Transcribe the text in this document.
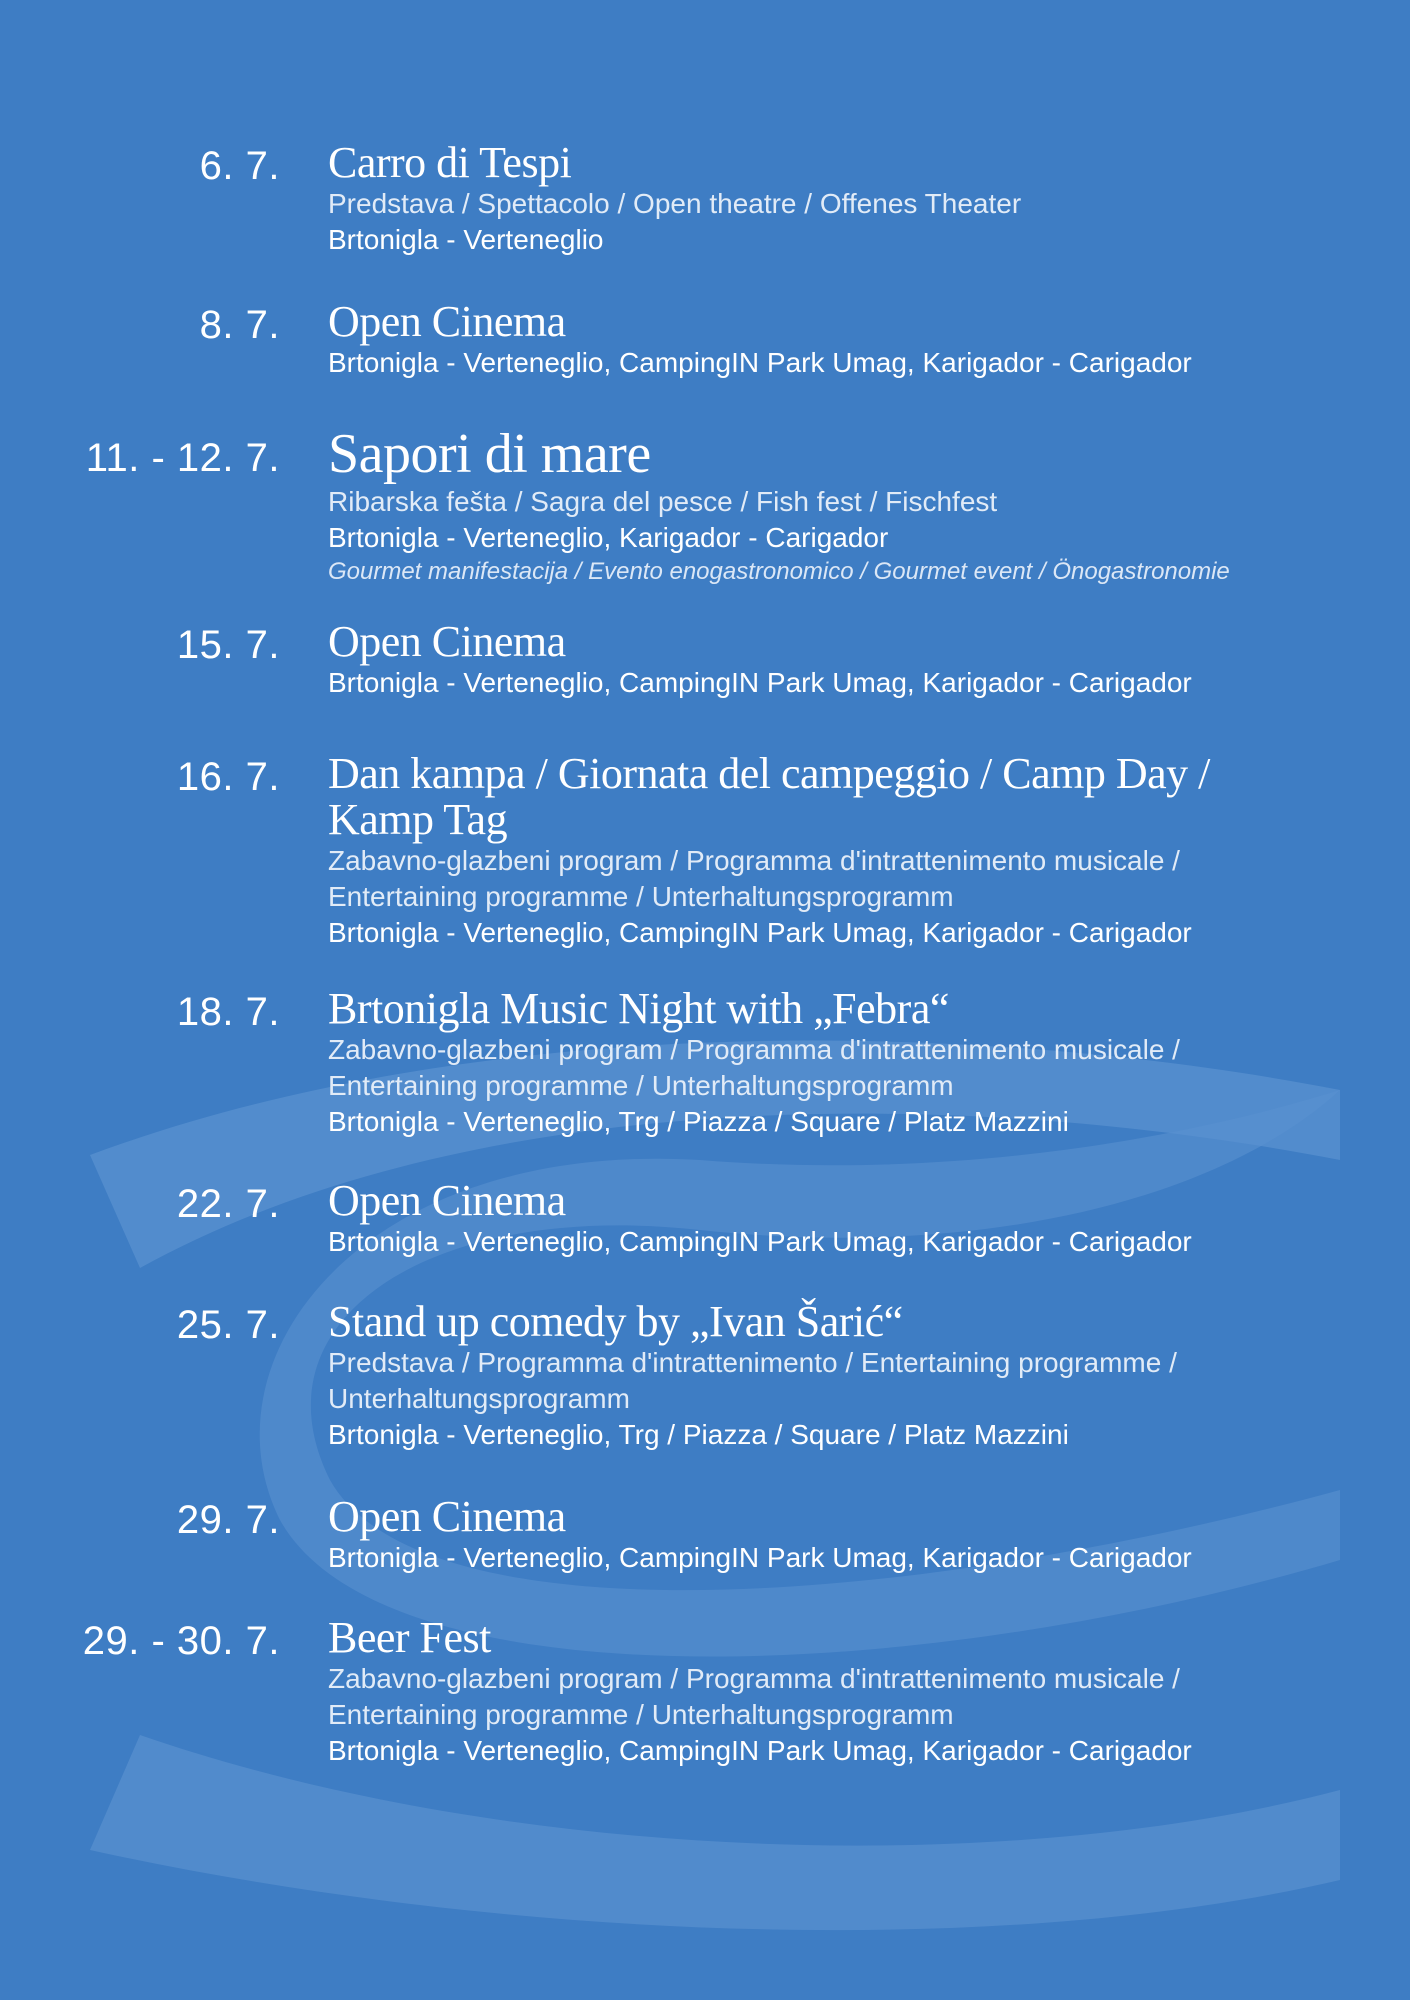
6. 7. Carro di Tespi

Predstava / Spettacolo / Open theatre / Offenes Theater

Brtonigla - Verteneglio

8. 7. Open Cinema

Brtonigla - Verteneglio, CampingIN Park Umag, Karigador - Carigador

11. - 12. 7. Sapori di mare

Ribarska fešta / Sagra del pesce / Fish fest / Fischfest

Brtonigla - Verteneglio, Karigador - Carigador

Gourmet manifestacija / Evento enogastronomico / Gourmet event / Önogastronomie

15. 7. Open Cinema

Brtonigla - Verteneglio, CampingIN Park Umag, Karigador - Carigador

16. 7. Dan kampa / Giornata del campeggio / Camp Day /

Kamp Tag

Zabavno-glazbeni program / Programma d'intrattenimento musicale /

Entertaining programme / Unterhaltungsprogramm

Brtonigla - Verteneglio, CampingIN Park Umag, Karigador - Carigador

18. 7. Brtonigla Music Night with „Febra“

Zabavno-glazbeni program / Programma d'intrattenimento musicale /

Entertaining programme / Unterhaltungsprogramm

Brtonigla - Verteneglio, Trg / Piazza / Square / Platz Mazzini

22. 7. Open Cinema

Brtonigla - Verteneglio, CampingIN Park Umag, Karigador - Carigador

25. 7. Stand up comedy by „Ivan Šarić“

Predstava / Programma d'intrattenimento / Entertaining programme /

Unterhaltungsprogramm

Brtonigla - Verteneglio, Trg / Piazza / Square / Platz Mazzini

29. 7. Open Cinema

Brtonigla - Verteneglio, CampingIN Park Umag, Karigador - Carigador

29. - 30. 7. Beer Fest

Zabavno-glazbeni program / Programma d'intrattenimento musicale /

Entertaining programme / Unterhaltungsprogramm

Brtonigla - Verteneglio, CampingIN Park Umag, Karigador - Carigador
